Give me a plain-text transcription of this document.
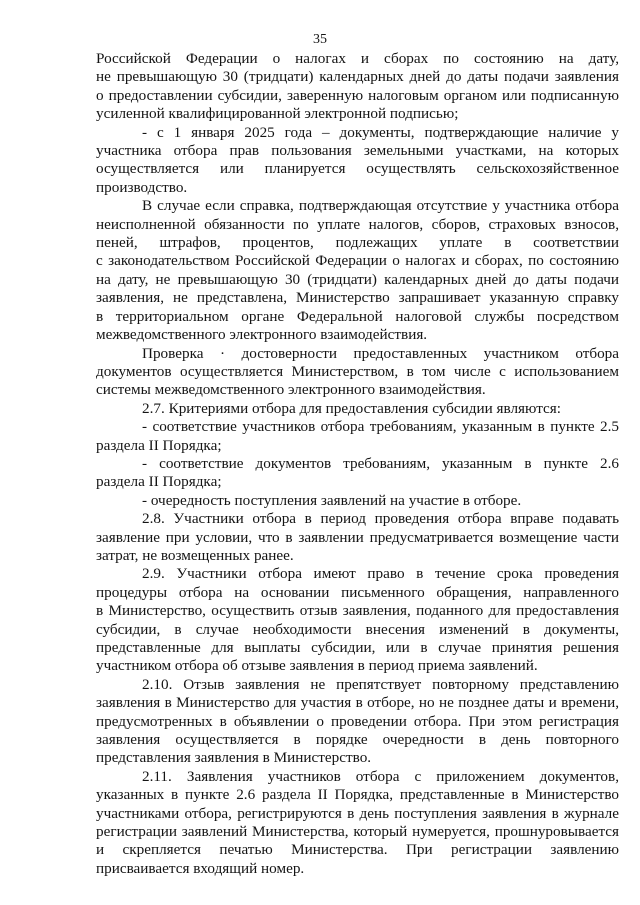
35
Российской Федерации о налогах и сборах по состоянию на дату,
не превышающую 30 (тридцати) календарных дней до даты подачи заявления
о предоставлении субсидии, заверенную налоговым органом или подписанную
усиленной квалифицированной электронной подписью;
- с 1 января 2025 года – документы, подтверждающие наличие у
участника отбора прав пользования земельными участками, на которых
осуществляется или планируется осуществлять сельскохозяйственное
производство.
В случае если справка, подтверждающая отсутствие у участника отбора
неисполненной обязанности по уплате налогов, сборов, страховых взносов,
пеней, штрафов, процентов, подлежащих уплате в соответствии
с законодательством Российской Федерации о налогах и сборах, по состоянию
на дату, не превышающую 30 (тридцати) календарных дней до даты подачи
заявления, не представлена, Министерство запрашивает указанную справку
в территориальном органе Федеральной налоговой службы посредством
межведомственного электронного взаимодействия.
Проверка · достоверности предоставленных участником отбора
документов осуществляется Министерством, в том числе с использованием
системы межведомственного электронного взаимодействия.
2.7. Критериями отбора для предоставления субсидии являются:
- соответствие участников отбора требованиям, указанным в пункте 2.5
раздела II Порядка;
- соответствие документов требованиям, указанным в пункте 2.6
раздела II Порядка;
- очередность поступления заявлений на участие в отборе.
2.8. Участники отбора в период проведения отбора вправе подавать
заявление при условии, что в заявлении предусматривается возмещение части
затрат, не возмещенных ранее.
2.9. Участники отбора имеют право в течение срока проведения
процедуры отбора на основании письменного обращения, направленного
в Министерство, осуществить отзыв заявления, поданного для предоставления
субсидии, в случае необходимости внесения изменений в документы,
представленные для выплаты субсидии, или в случае принятия решения
участником отбора об отзыве заявления в период приема заявлений.
2.10. Отзыв заявления не препятствует повторному представлению
заявления в Министерство для участия в отборе, но не позднее даты и времени,
предусмотренных в объявлении о проведении отбора. При этом регистрация
заявления осуществляется в порядке очередности в день повторного
представления заявления в Министерство.
2.11. Заявления участников отбора с приложением документов,
указанных в пункте 2.6 раздела II Порядка, представленные в Министерство
участниками отбора, регистрируются в день поступления заявления в журнале
регистрации заявлений Министерства, который нумеруется, прошнуровывается
и скрепляется печатью Министерства. При регистрации заявлению
присваивается входящий номер.
